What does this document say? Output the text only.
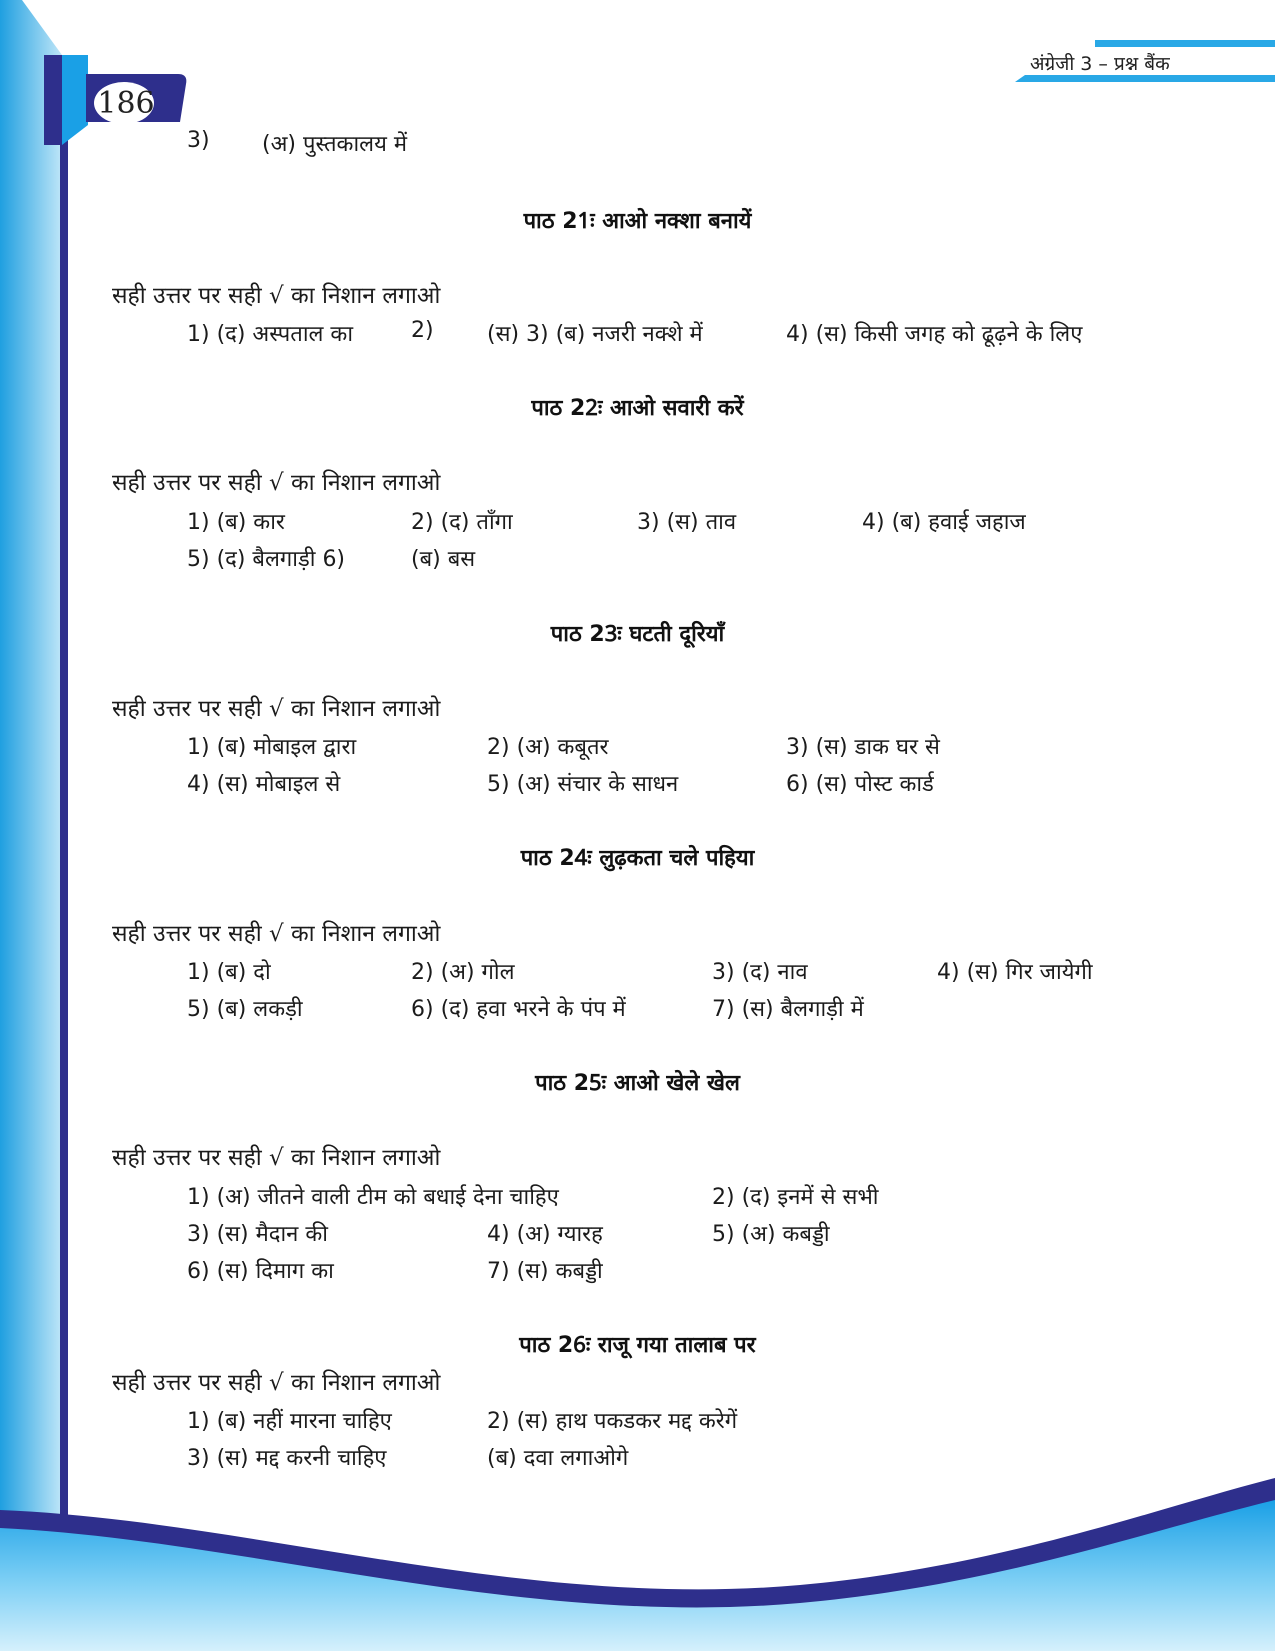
186
अंग्रेजी 3 – प्रश्न बैंक
3) (अ) पुस्तकालय में
पाठ 21ः आओ नक्शा बनायें
सही उत्तर पर सही √ का निशान लगाओ
1) (द) अस्पताल का	2) (स) 3) (ब) नजरी नक्शे में	4) (स) किसी जगह को ढूढ़ने के लिए
पाठ 22ः आओ सवारी करें
सही उत्तर पर सही √ का निशान लगाओ
1) (ब) कार	2) (द) ताँगा	3) (स) ताव	4) (ब) हवाई जहाज
5) (द) बैलगाड़ी 6)	(ब) बस
पाठ 23ः घटती दूरियाँ
सही उत्तर पर सही √ का निशान लगाओ
1) (ब) मोबाइल द्वारा	2) (अ) कबूतर	3) (स) डाक घर से
4) (स) मोबाइल से	5) (अ) संचार के साधन	6) (स) पोस्ट कार्ड
पाठ 24ः लुढ़कता चले पहिया
सही उत्तर पर सही √ का निशान लगाओ
1) (ब) दो	2) (अ) गोल	3) (द) नाव	4) (स) गिर जायेगी
5) (ब) लकड़ी	6) (द) हवा भरने के पंप में	7) (स) बैलगाड़ी में
पाठ 25ः आओ खेले खेल
सही उत्तर पर सही √ का निशान लगाओ
1) (अ) जीतने वाली टीम को बधाई देना चाहिए	2) (द) इनमें से सभी
3) (स) मैदान की	4) (अ) ग्यारह	5) (अ) कबड्डी
6) (स) दिमाग का	7) (स) कबड्डी
पाठ 26ः राजू गया तालाब पर
सही उत्तर पर सही √ का निशान लगाओ
1) (ब) नहीं मारना चाहिए	2) (स) हाथ पकडकर मद्द करेगें
3) (स) मद्द करनी चाहिए	(ब) दवा लगाओगे
